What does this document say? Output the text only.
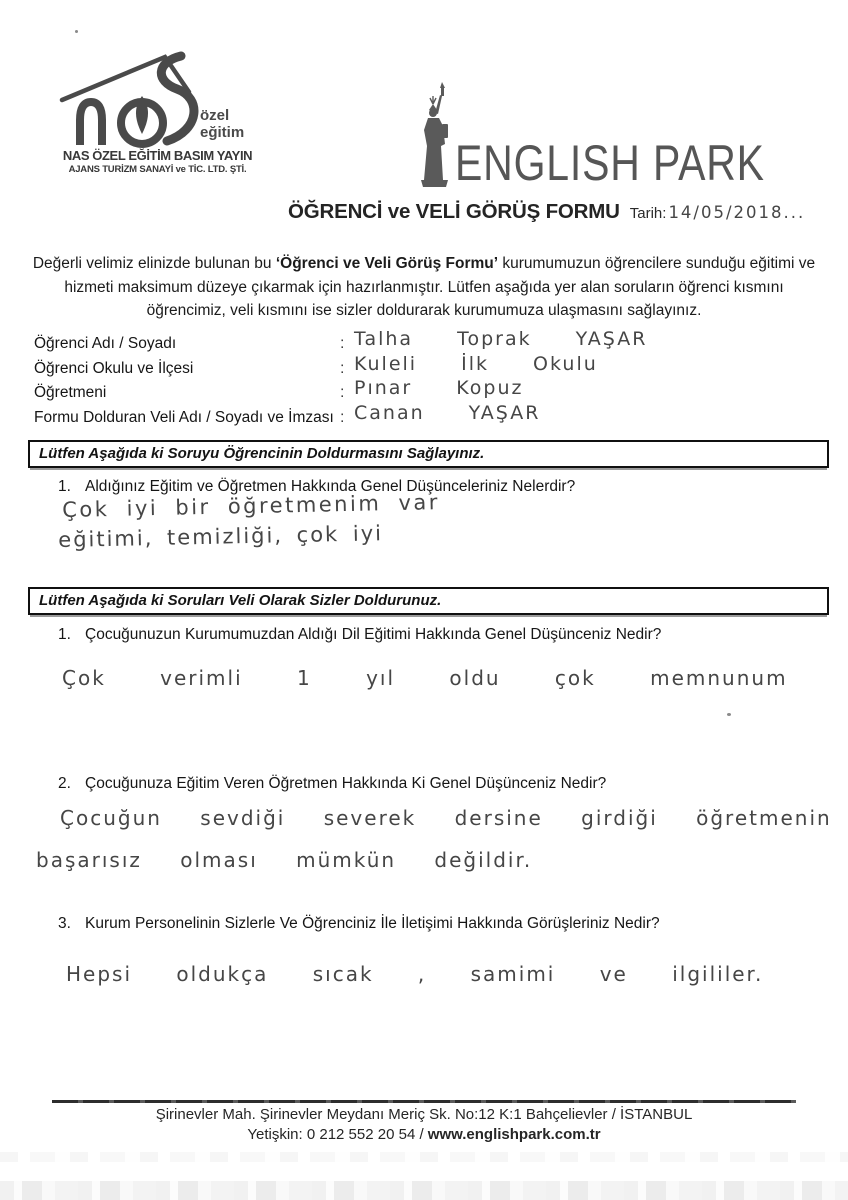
özel
eğitim
NAS ÖZEL EĞİTİM BASIM YAYIN
AJANS TURİZM SANAYİ ve TİC. LTD. ŞTİ.	ENGLISH PARK
ÖĞRENCİ ve VELİ GÖRÜŞ FORMU Tarih: 14/05/2018...
Değerli velimiz elinizde bulunan bu ‘Öğrenci ve Veli Görüş Formu’ kurumumuzun öğrencilere sunduğu eğitimi ve hizmeti maksimum düzeye çıkarmak için hazırlanmıştır. Lütfen aşağıda yer alan soruların öğrenci kısmını öğrencimiz, veli kısmını ise sizler doldurarak kurumumuza ulaşmasını sağlayınız.
Öğrenci Adı / Soyadı	: Talha Toprak YAŞAR
Öğrenci Okulu ve İlçesi	: Kuleli İlk Okulu
Öğretmeni	: Pınar Kopuz
Formu Dolduran Veli Adı / Soyadı ve İmzası : Canan YAŞAR
Lütfen Aşağıda ki Soruyu Öğrencinin Doldurmasını Sağlayınız.
1. Aldığınız Eğitim ve Öğretmen Hakkında Genel Düşünceleriniz Nelerdir?
Çok iyi bir öğretmenim var
eğitimi, temizliği, çok iyi
Lütfen Aşağıda ki Soruları Veli Olarak Sizler Doldurunuz.
1. Çocuğunuzun Kurumumuzdan Aldığı Dil Eğitimi Hakkında Genel Düşünceniz Nedir?
Çok verimli 1 yıl oldu çok memnunum
2. Çocuğunuza Eğitim Veren Öğretmen Hakkında Ki Genel Düşünceniz Nedir?
Çocuğun sevdiği severek dersine girdiği öğretmenin
başarısız olması mümkün değildir.
3. Kurum Personelinin Sizlerle Ve Öğrenciniz İle İletişimi Hakkında Görüşleriniz Nedir?
Hepsi oldukça sıcak , samimi ve ilgililer.
Şirinevler Mah. Şirinevler Meydanı Meriç Sk. No:12 K:1 Bahçelievler / İSTANBUL
Yetişkin: 0 212 552 20 54 / www.englishpark.com.tr
